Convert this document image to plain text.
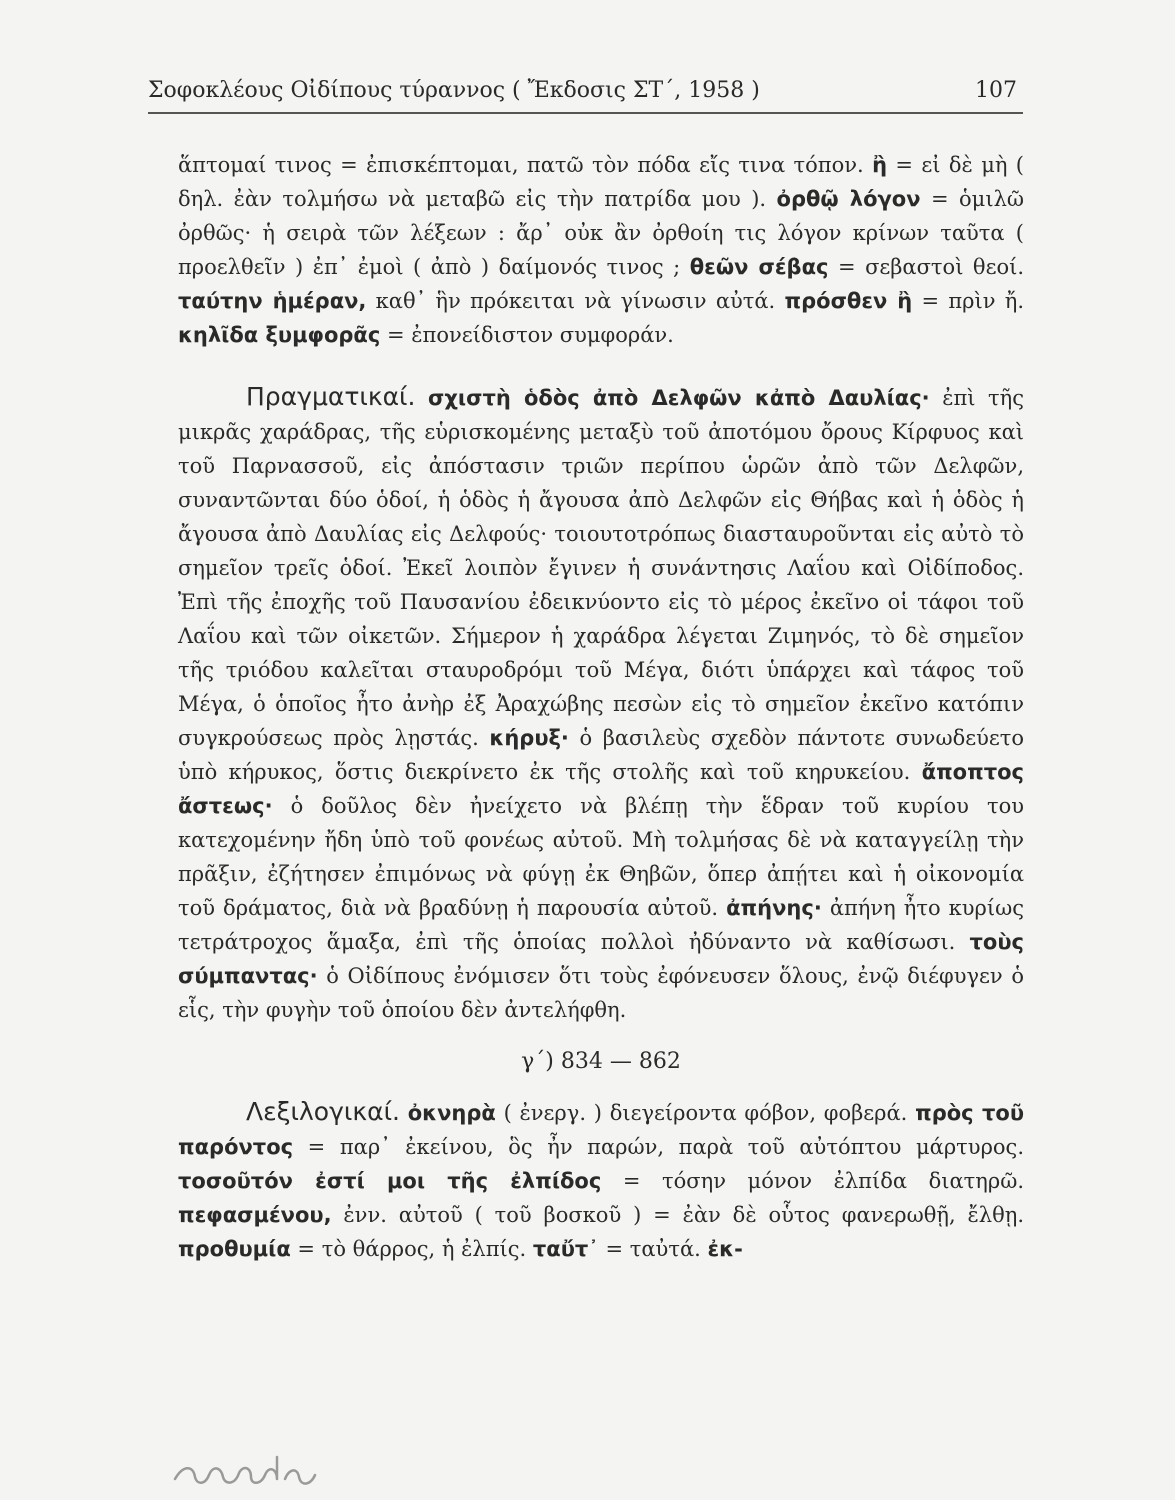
Σοφοκλέους Οἰδίπους τύραννος ( Ἔκδοσις ΣΤ΄, 1958 )	107

ἅπτομαί τινος = ἐπισκέπτομαι, πατῶ τὸν πόδα εἴς τινα τόπον. ἢ = εἰ δὲ μὴ ( δηλ. ἐὰν τολμήσω νὰ μεταβῶ εἰς τὴν πατρίδα μου ). ὀρθῷ λόγον = ὁμιλῶ ὀρθῶς· ἡ σειρὰ τῶν λέξεων : ἄρ᾽ οὐκ ἂν ὀρθοίη τις λόγον κρίνων ταῦτα ( προελθεῖν ) ἐπ᾽ ἐμοὶ ( ἀπὸ ) δαίμονός τινος ; θεῶν σέβας = σεβαστοὶ θεοί. ταύτην ἡμέραν, καθ᾽ ἣν πρόκειται νὰ γίνωσιν αὐτά. πρόσθεν ἢ = πρὶν ἤ. κηλῖδα ξυμφορᾶς = ἐπονείδιστον συμφοράν.

Πραγματικαί. σχιστὴ ὁδὸς ἀπὸ Δελφῶν κἀπὸ Δαυλίας· ἐπὶ τῆς μικρᾶς χαράδρας, τῆς εὑρισκομένης μεταξὺ τοῦ ἀποτόμου ὄρους Κίρφυος καὶ τοῦ Παρνασσοῦ, εἰς ἀπόστασιν τριῶν περίπου ὡρῶν ἀπὸ τῶν Δελφῶν, συναντῶνται δύο ὁδοί, ἡ ὁδὸς ἡ ἄγουσα ἀπὸ Δελφῶν εἰς Θήβας καὶ ἡ ὁδὸς ἡ ἄγουσα ἀπὸ Δαυλίας εἰς Δελφούς· τοιουτοτρόπως διασταυροῦνται εἰς αὐτὸ τὸ σημεῖον τρεῖς ὁδοί. Ἐκεῖ λοιπὸν ἔγινεν ἡ συνάντησις Λαΐου καὶ Οἰδίποδος. Ἐπὶ τῆς ἐποχῆς τοῦ Παυσανίου ἐδεικνύοντο εἰς τὸ μέρος ἐκεῖνο οἱ τάφοι τοῦ Λαΐου καὶ τῶν οἰκετῶν. Σήμερον ἡ χαράδρα λέγεται Ζιμηνός, τὸ δὲ σημεῖον τῆς τριόδου καλεῖται σταυροδρόμι τοῦ Μέγα, διότι ὑπάρχει καὶ τάφος τοῦ Μέγα, ὁ ὁποῖος ἦτο ἀνὴρ ἐξ Ἀραχώβης πεσὼν εἰς τὸ σημεῖον ἐκεῖνο κατόπιν συγκρούσεως πρὸς λῃστάς. κήρυξ· ὁ βασιλεὺς σχεδὸν πάντοτε συνωδεύετο ὑπὸ κήρυκος, ὅστις διεκρίνετο ἐκ τῆς στολῆς καὶ τοῦ κηρυκείου. ἄποπτος ἄστεως· ὁ δοῦλος δὲν ἠνείχετο νὰ βλέπῃ τὴν ἕδραν τοῦ κυρίου του κατεχομένην ἤδη ὑπὸ τοῦ φονέως αὐτοῦ. Μὴ τολμήσας δὲ νὰ καταγγείλῃ τὴν πρᾶξιν, ἐζήτησεν ἐπιμόνως νὰ φύγῃ ἐκ Θηβῶν, ὅπερ ἀπῄτει καὶ ἡ οἰκονομία τοῦ δράματος, διὰ νὰ βραδύνῃ ἡ παρουσία αὐτοῦ. ἀπήνης· ἀπήνη ἦτο κυρίως τετράτροχος ἅμαξα, ἐπὶ τῆς ὁποίας πολλοὶ ἠδύναντο νὰ καθίσωσι. τοὺς σύμπαντας· ὁ Οἰδίπους ἐνόμισεν ὅτι τοὺς ἐφόνευσεν ὅλους, ἐνῷ διέφυγεν ὁ εἷς, τὴν φυγὴν τοῦ ὁποίου δὲν ἀντελήφθη.

γ΄) 834 — 862

Λεξιλογικαί. ὀκνηρὰ ( ἐνεργ. ) διεγείροντα φόβον, φοβερά. πρὸς τοῦ παρόντος = παρ᾽ ἐκείνου, ὃς ἦν παρών, παρὰ τοῦ αὐτόπτου μάρτυρος. τοσοῦτόν ἐστί μοι τῆς ἐλπίδος = τόσην μόνον ἐλπίδα διατηρῶ. πεφασμένου, ἐνν. αὐτοῦ ( τοῦ βοσκοῦ ) = ἐὰν δὲ οὗτος φανερωθῇ, ἔλθῃ. προθυμία = τὸ θάρρος, ἡ ἐλπίς. ταὔτ᾽ = ταὐτά. ἐκ-
